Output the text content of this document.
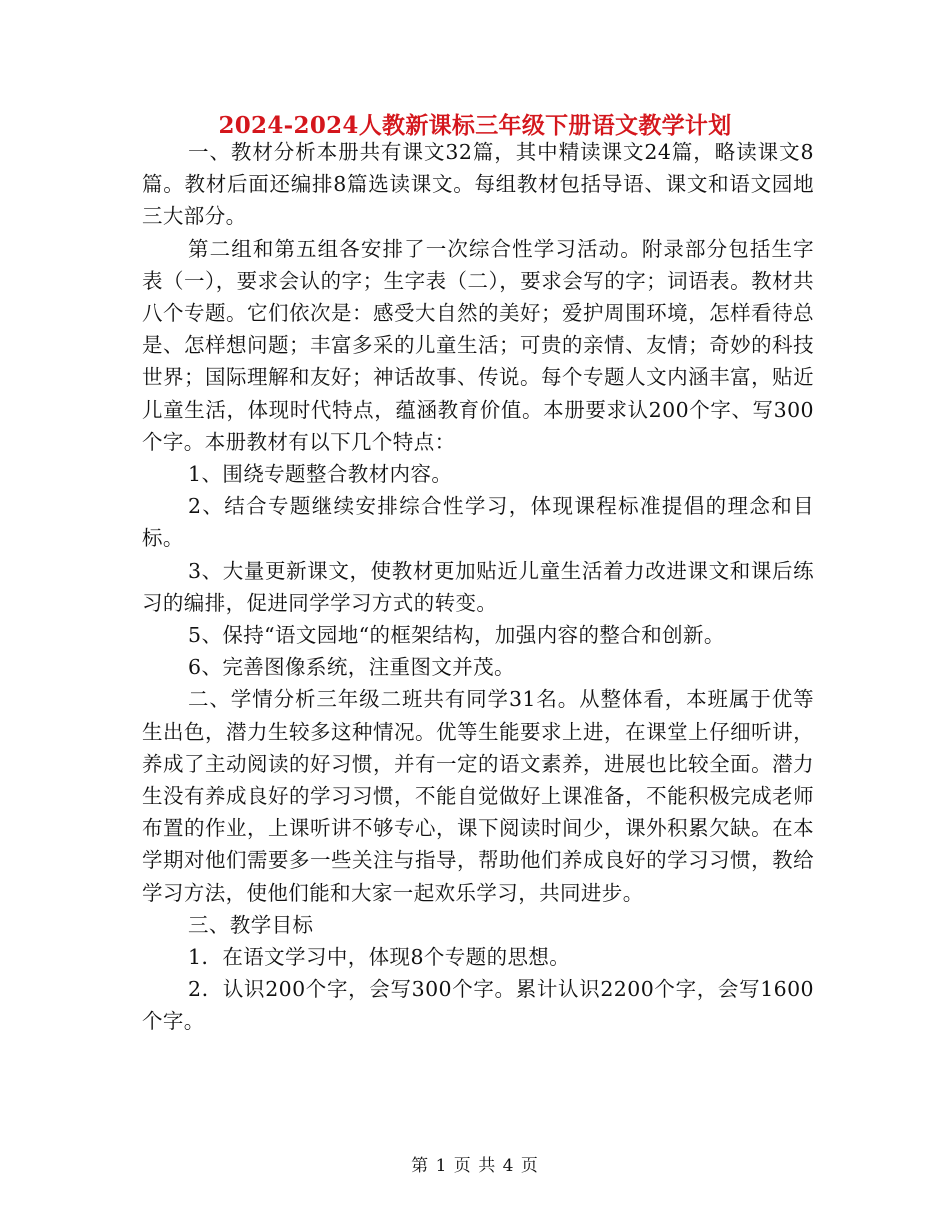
2024-2024人教新课标三年级下册语文教学计划

一、教材分析本册共有课文32篇，其中精读课文24篇，略读课文8篇。教材后面还编排8篇选读课文。每组教材包括导语、课文和语文园地三大部分。

第二组和第五组各安排了一次综合性学习活动。附录部分包括生字表（一），要求会认的字；生字表（二），要求会写的字；词语表。教材共八个专题。它们依次是：感受大自然的美好；爱护周围环境，怎样看待总是、怎样想问题；丰富多采的儿童生活；可贵的亲情、友情；奇妙的科技世界；国际理解和友好；神话故事、传说。每个专题人文内涵丰富，贴近儿童生活，体现时代特点，蕴涵教育价值。本册要求认200个字、写300个字。本册教材有以下几个特点：

1、围绕专题整合教材内容。

2、结合专题继续安排综合性学习，体现课程标准提倡的理念和目标。

3、大量更新课文，使教材更加贴近儿童生活着力改进课文和课后练习的编排，促进同学学习方式的转变。

5、保持“语文园地“的框架结构，加强内容的整合和创新。

6、完善图像系统，注重图文并茂。

二、学情分析三年级二班共有同学31名。从整体看，本班属于优等生出色，潜力生较多这种情况。优等生能要求上进，在课堂上仔细听讲，养成了主动阅读的好习惯，并有一定的语文素养，进展也比较全面。潜力生没有养成良好的学习习惯，不能自觉做好上课准备，不能积极完成老师布置的作业，上课听讲不够专心，课下阅读时间少，课外积累欠缺。在本学期对他们需要多一些关注与指导，帮助他们养成良好的学习习惯，教给学习方法，使他们能和大家一起欢乐学习，共同进步。

三、教学目标

1．在语文学习中，体现8个专题的思想。

2．认识200个字，会写300个字。累计认识2200个字，会写1600个字。

第 1 页 共 4 页
